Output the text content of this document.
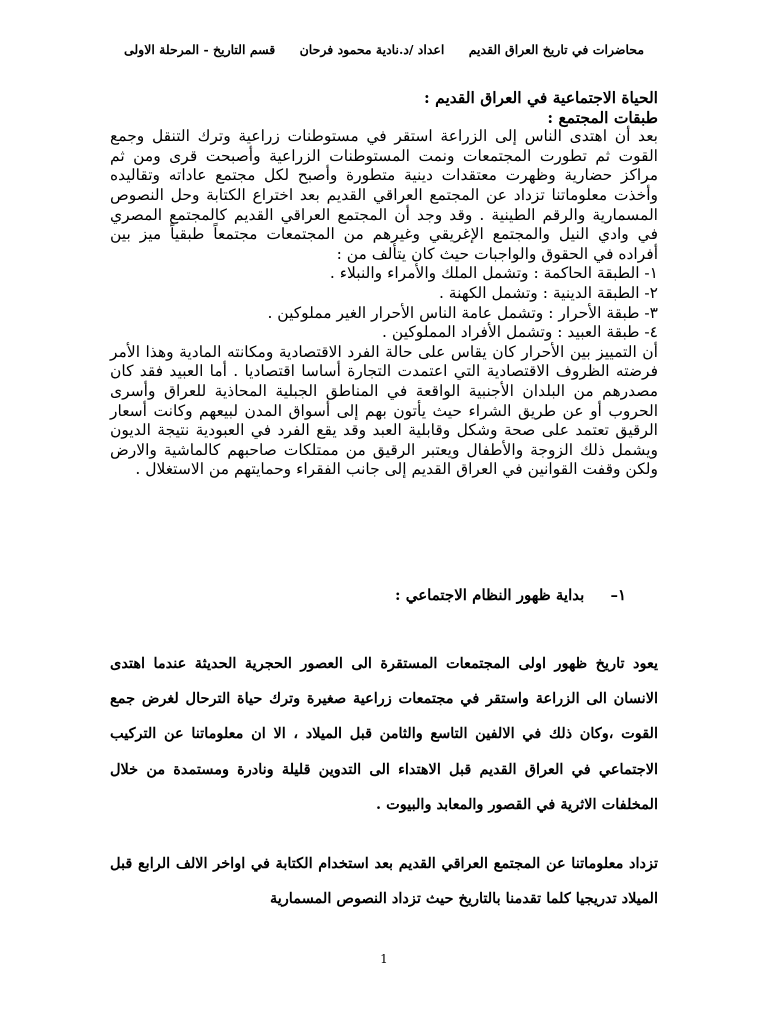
محاضرات في تاريخ العراق القديم اعداد /د.نادية محمود فرحان قسم التاريخ - المرحلة الاولى
الحياة الاجتماعية في العراق القديم :
طبقات المجتمع :
بعد أن اهتدى الناس إلى الزراعة استقر في مستوطنات زراعية وترك التنقل وجمع القوت ثم تطورت المجتمعات ونمت المستوطنات الزراعية وأصبحت قرى ومن ثم مراكز حضارية وظهرت معتقدات دينية متطورة وأصبح لكل مجتمع عاداته وتقاليده وأخذت معلوماتنا تزداد عن المجتمع العراقي القديم بعد اختراع الكتابة وحل النصوص المسمارية والرقم الطينية . وقد وجد أن المجتمع العراقي القديم كالمجتمع المصري في وادي النيل والمجتمع الإغريقي وغيرهم من المجتمعات مجتمعاً طبقياً ميز بين أفراده في الحقوق والواجبات حيث كان يتألف من :
١- الطبقة الحاكمة : وتشمل الملك والأمراء والنبلاء .
٢- الطبقة الدينية : وتشمل الكهنة .
٣- طبقة الأحرار : وتشمل عامة الناس الأحرار الغير مملوكين .
٤- طبقة العبيد : وتشمل الأفراد المملوكين .
أن التمييز بين الأحرار كان يقاس على حالة الفرد الاقتصادية ومكانته المادية وهذا الأمر فرضته الظروف الاقتصادية التي اعتمدت التجارة أساسا اقتصاديا . أما العبيد فقد كان مصدرهم من البلدان الأجنبية الواقعة في المناطق الجبلية المحاذية للعراق وأسرى الحروب أو عن طريق الشراء حيث يأتون بهم إلى أسواق المدن لبيعهم وكانت أسعار الرقيق تعتمد على صحة وشكل وقابلية العبد وقد يقع الفرد في العبودية نتيجة الديون ويشمل ذلك الزوجة والأطفال ويعتبر الرقيق من ممتلكات صاحبهم كالماشية والارض ولكن وقفت القوانين في العراق القديم إلى جانب الفقراء وحمايتهم من الاستغلال .
١–     بداية ظهور النظام الاجتماعي :
يعود تاريخ ظهور اولى المجتمعات المستقرة الى العصور الحجرية الحديثة عندما اهتدى الانسان الى الزراعة واستقر في مجتمعات زراعية صغيرة وترك حياة الترحال لغرض جمع القوت ،وكان ذلك في الالفين التاسع والثامن قبل الميلاد ، الا ان معلوماتنا عن التركيب الاجتماعي في العراق القديم قبل الاهتداء الى التدوين قليلة ونادرة ومستمدة من خلال المخلفات الاثرية في القصور والمعابد والبيوت .
تزداد معلوماتنا عن المجتمع العراقي القديم بعد استخدام الكتابة في اواخر الالف الرابع قبل الميلاد تدريجيا كلما تقدمنا بالتاريخ حيث تزداد النصوص المسمارية
1
